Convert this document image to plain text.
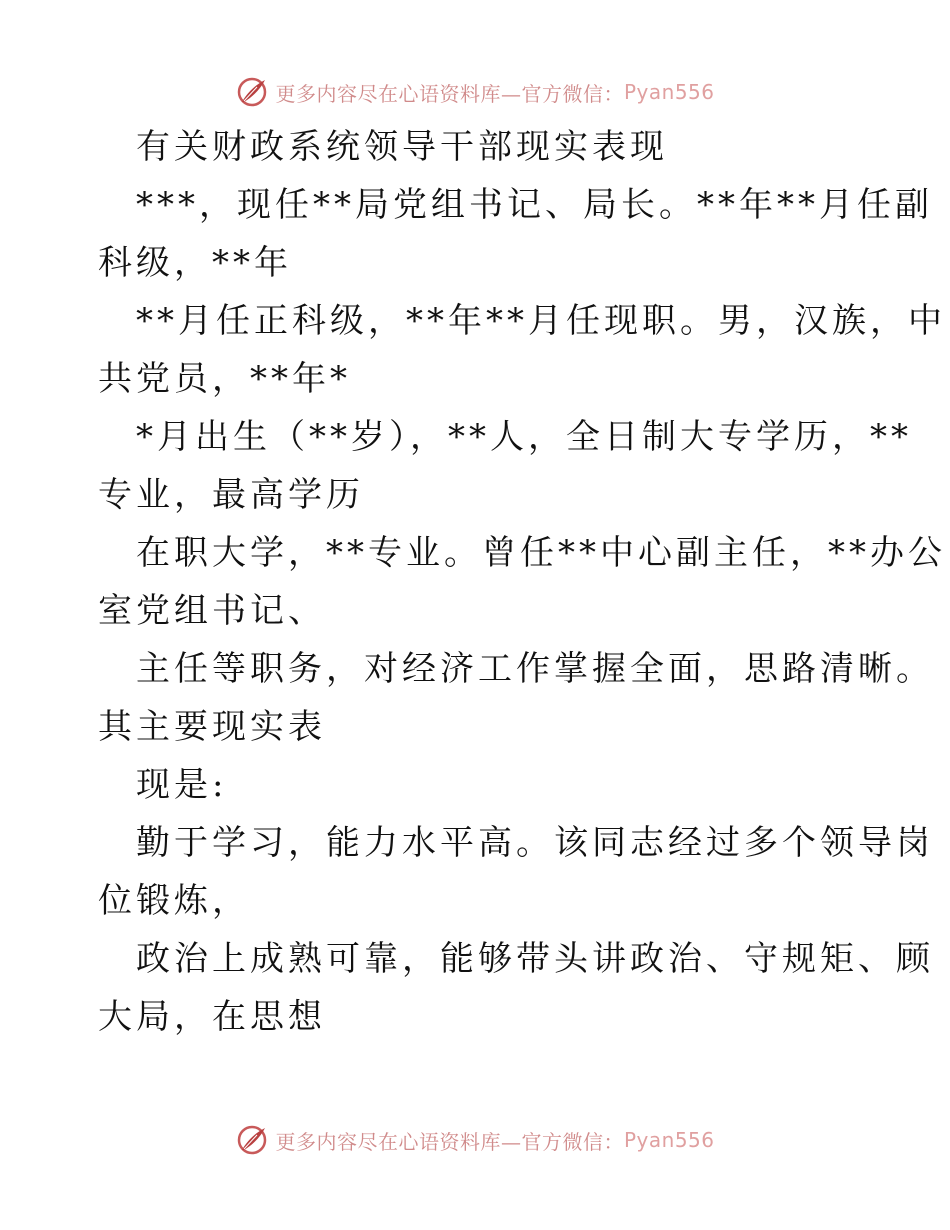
更多内容尽在心语资料库—官方微信： Pyan556
有关财政系统领导干部现实表现
***，现任**局党组书记、局长。**年**月任副
科级，**年
**月任正科级，**年**月任现职。男，汉族，中
共党员，**年*
*月出生（**岁），**人，全日制大专学历，**
专业，最高学历
在职大学，**专业。曾任**中心副主任，**办公
室党组书记、
主任等职务，对经济工作掌握全面，思路清晰。
其主要现实表
现是:
勤于学习，能力水平高。该同志经过多个领导岗
位锻炼，
政治上成熟可靠，能够带头讲政治、守规矩、顾
大局，在思想
更多内容尽在心语资料库—官方微信： Pyan556
